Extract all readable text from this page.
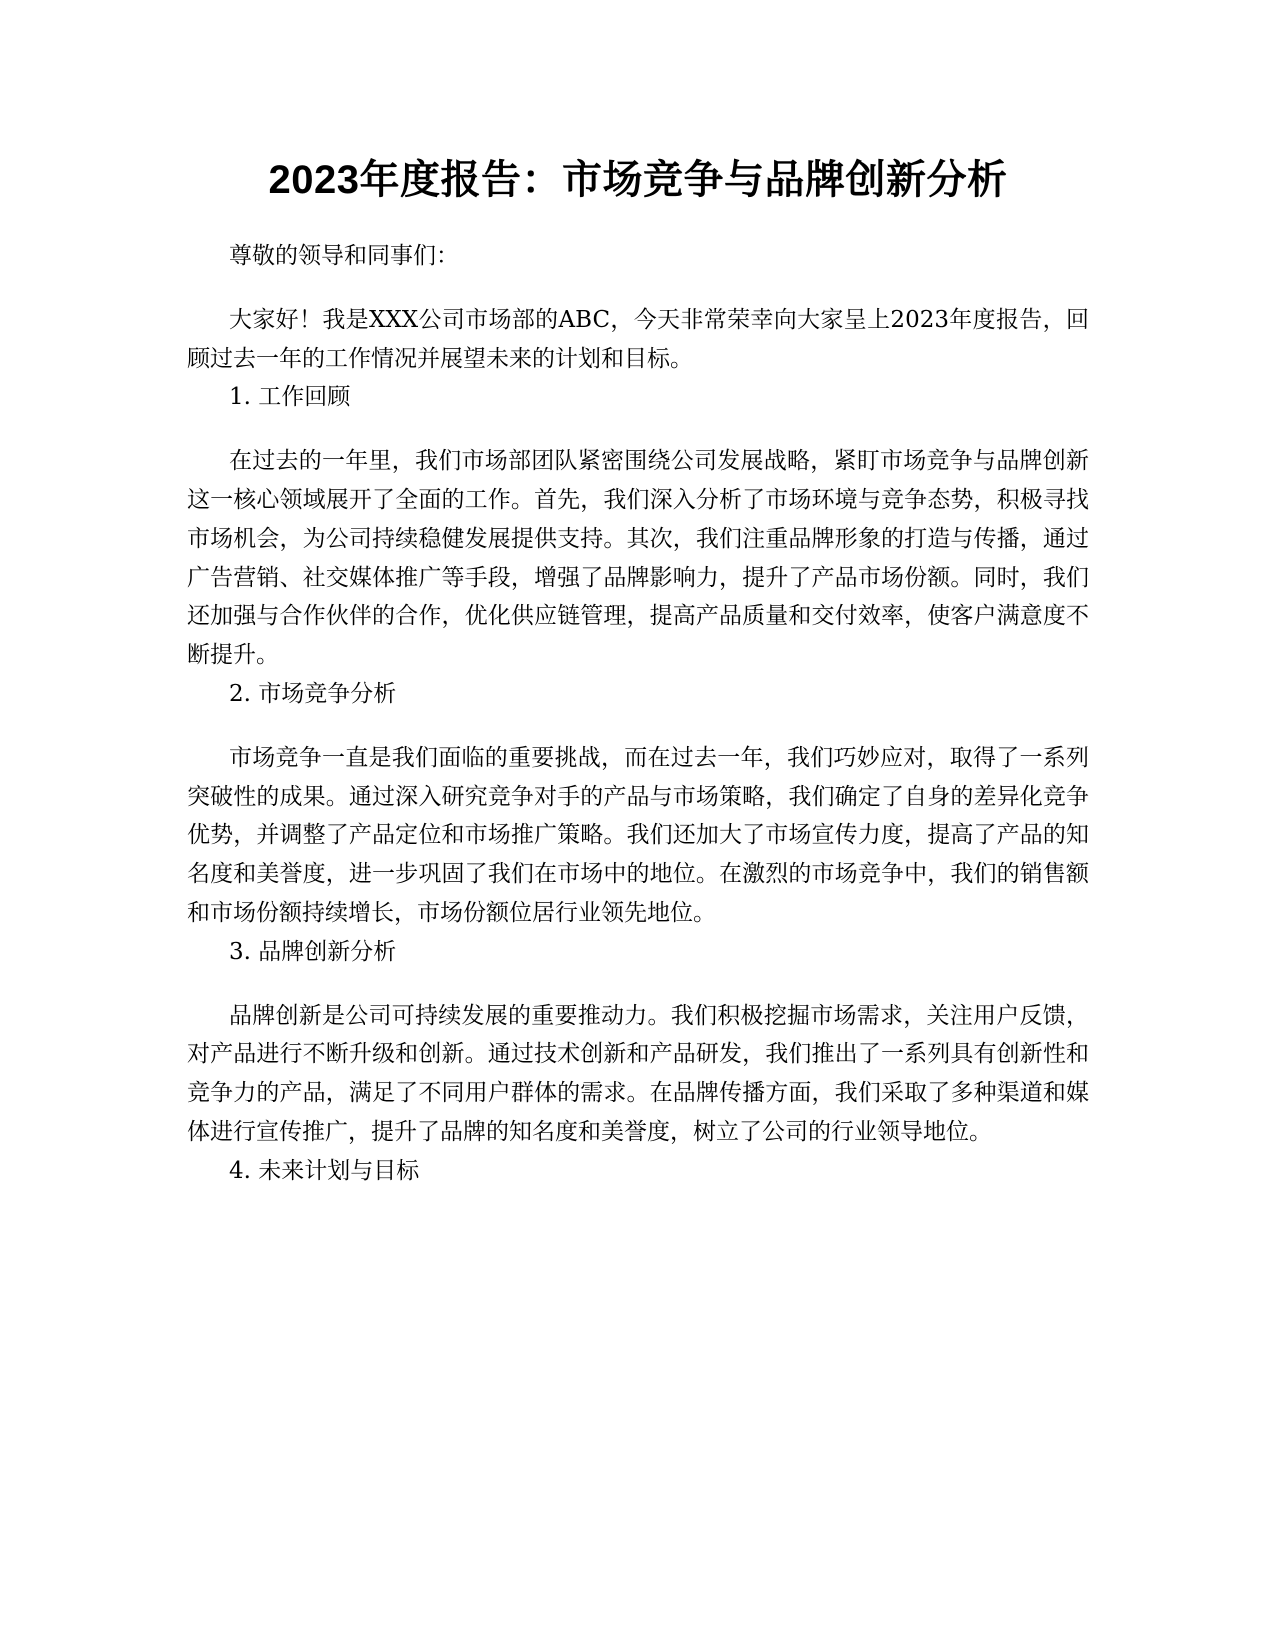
2023年度报告：市场竞争与品牌创新分析

尊敬的领导和同事们：

大家好！我是XXX公司市场部的ABC，今天非常荣幸向大家呈上2023年度报告，回顾过去一年的工作情况并展望未来的计划和目标。

1. 工作回顾

在过去的一年里，我们市场部团队紧密围绕公司发展战略，紧盯市场竞争与品牌创新这一核心领域展开了全面的工作。首先，我们深入分析了市场环境与竞争态势，积极寻找市场机会，为公司持续稳健发展提供支持。其次，我们注重品牌形象的打造与传播，通过广告营销、社交媒体推广等手段，增强了品牌影响力，提升了产品市场份额。同时，我们还加强与合作伙伴的合作，优化供应链管理，提高产品质量和交付效率，使客户满意度不断提升。

2. 市场竞争分析

市场竞争一直是我们面临的重要挑战，而在过去一年，我们巧妙应对，取得了一系列突破性的成果。通过深入研究竞争对手的产品与市场策略，我们确定了自身的差异化竞争优势，并调整了产品定位和市场推广策略。我们还加大了市场宣传力度，提高了产品的知名度和美誉度，进一步巩固了我们在市场中的地位。在激烈的市场竞争中，我们的销售额和市场份额持续增长，市场份额位居行业领先地位。

3. 品牌创新分析

品牌创新是公司可持续发展的重要推动力。我们积极挖掘市场需求，关注用户反馈，对产品进行不断升级和创新。通过技术创新和产品研发，我们推出了一系列具有创新性和竞争力的产品，满足了不同用户群体的需求。在品牌传播方面，我们采取了多种渠道和媒体进行宣传推广，提升了品牌的知名度和美誉度，树立了公司的行业领导地位。

4. 未来计划与目标
